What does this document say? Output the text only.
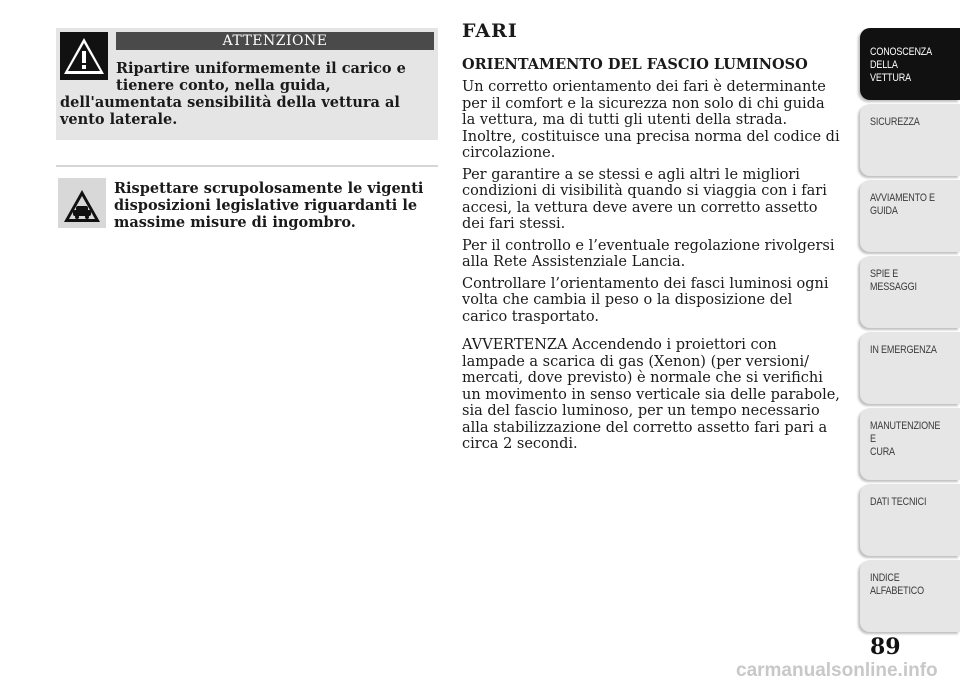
ATTENZIONE
Ripartire uniformemente il carico e
tienere conto, nella guida,
dell'aumentata sensibilità della vettura al vento laterale.
Rispettare scrupolosamente le vigenti disposizioni legislative riguardanti le massime misure di ingombro.
FARI
ORIENTAMENTO DEL FASCIO LUMINOSO

Un corretto orientamento dei fari è determinante per il comfort e la sicurezza non solo di chi guida la vettura, ma di tutti gli utenti della strada. Inoltre, costituisce una precisa norma del codice di circolazione.

Per garantire a se stessi e agli altri le migliori condizioni di visibilità quando si viaggia con i fari accesi, la vettura deve avere un corretto assetto dei fari stessi.

Per il controllo e l’eventuale regolazione rivolgersi alla Rete Assistenziale Lancia.

Controllare l’orientamento dei fasci luminosi ogni volta che cambia il peso o la disposizione del carico trasportato.

AVVERTENZA Accendendo i proiettori con lampade a scarica di gas (Xenon) (per versioni/ mercati, dove previsto) è normale che si verifichi un movimento in senso verticale sia delle parabole, sia del fascio luminoso, per un tempo necessario alla stabilizzazione del corretto assetto fari pari a circa 2 secondi.

CONOSCENZA
DELLA VETTURA
SICUREZZA
AVVIAMENTO E
GUIDA
SPIE E MESSAGGI
IN EMERGENZA
MANUTENZIONE E
CURA
DATI TECNICI
INDICE
ALFABETICO
89
carmanualsonline.info
